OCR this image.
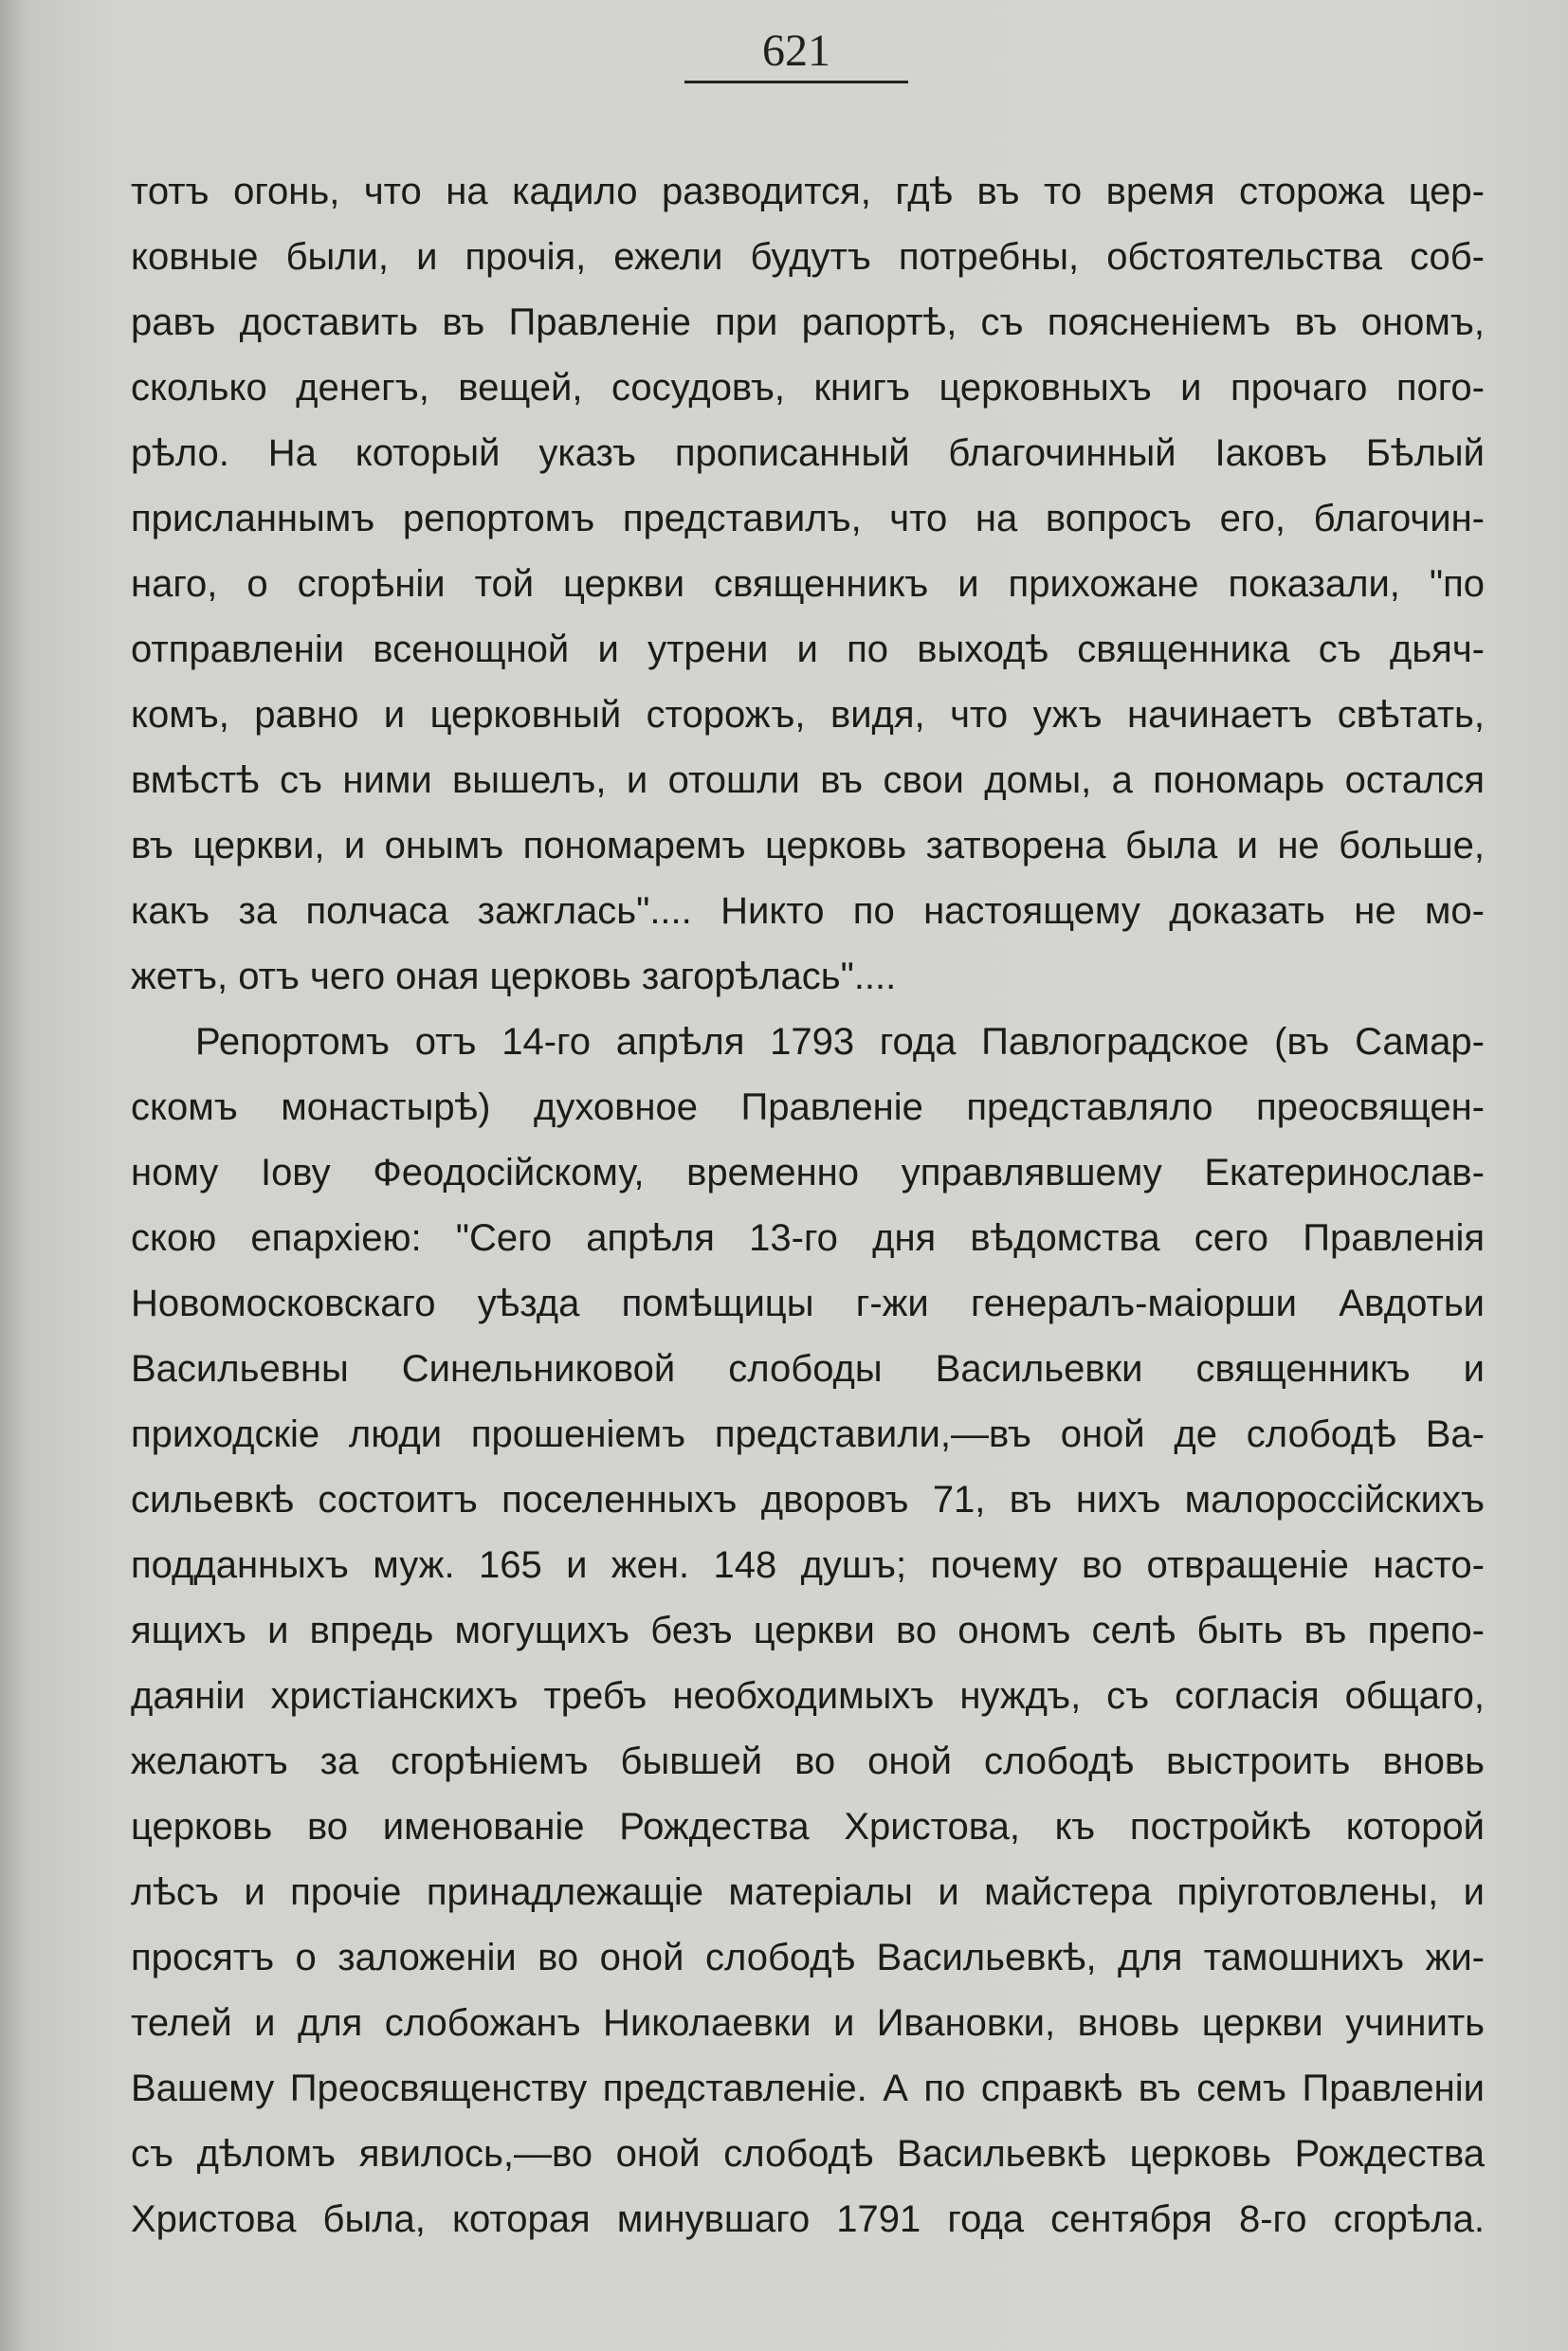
621
тотъ огонь, что на кадило разводится, гдѣ въ то время сторожа цер-
ковные были, и прочія, ежели будутъ потребны, обстоятельства соб-
равъ доставить въ Правленіе при рапортѣ, съ поясненіемъ въ ономъ,
сколько денегъ, вещей, сосудовъ, книгъ церковныхъ и прочаго пого-
рѣло. На который указъ прописанный благочинный Іаковъ Бѣлый
присланнымъ репортомъ представилъ, что на вопросъ его, благочин-
наго, о сгорѣніи той церкви священникъ и прихожане показали, "по
отправленіи всенощной и утрени и по выходѣ священника съ дьяч-
комъ, равно и церковный сторожъ, видя, что ужъ начинаетъ свѣтать,
вмѣстѣ съ ними вышелъ, и отошли въ свои домы, а пономарь остался
въ церкви, и онымъ пономаремъ церковь затворена была и не больше,
какъ за полчаса зажглась".... Никто по настоящему доказать не мо-
жетъ, отъ чего оная церковь загорѣлась"....
Репортомъ отъ 14-го апрѣля 1793 года Павлоградское (въ Самар-
скомъ монастырѣ) духовное Правленіе представляло преосвящен-
ному Іову Феодосійскому, временно управлявшему Екатеринослав-
скою епархіею: "Сего апрѣля 13-го дня вѣдомства сего Правленія
Новомосковскаго уѣзда помѣщицы г-жи генералъ-маіорши Авдотьи
Васильевны Синельниковой слободы Васильевки священникъ и
приходскіе люди прошеніемъ представили,—въ оной де слободѣ Ва-
сильевкѣ состоитъ поселенныхъ дворовъ 71, въ нихъ малороссійскихъ
подданныхъ муж. 165 и жен. 148 душъ; почему во отвращеніе насто-
ящихъ и впредь могущихъ безъ церкви во ономъ селѣ быть въ препо-
даяніи христіанскихъ требъ необходимыхъ нуждъ, съ согласія общаго,
желаютъ за сгорѣніемъ бывшей во оной слободѣ выстроить вновь
церковь во именованіе Рождества Христова, къ постройкѣ которой
лѣсъ и прочіе принадлежащіе матеріалы и майстера пріуготовлены, и
просятъ о заложеніи во оной слободѣ Васильевкѣ, для тамошнихъ жи-
телей и для слобожанъ Николаевки и Ивановки, вновь церкви учинить
Вашему Преосвященству представленіе. А по справкѣ въ семъ Правленіи
съ дѣломъ явилось,—во оной слободѣ Васильевкѣ церковь Рождества
Христова была, которая минувшаго 1791 года сентября 8-го сгорѣла.
